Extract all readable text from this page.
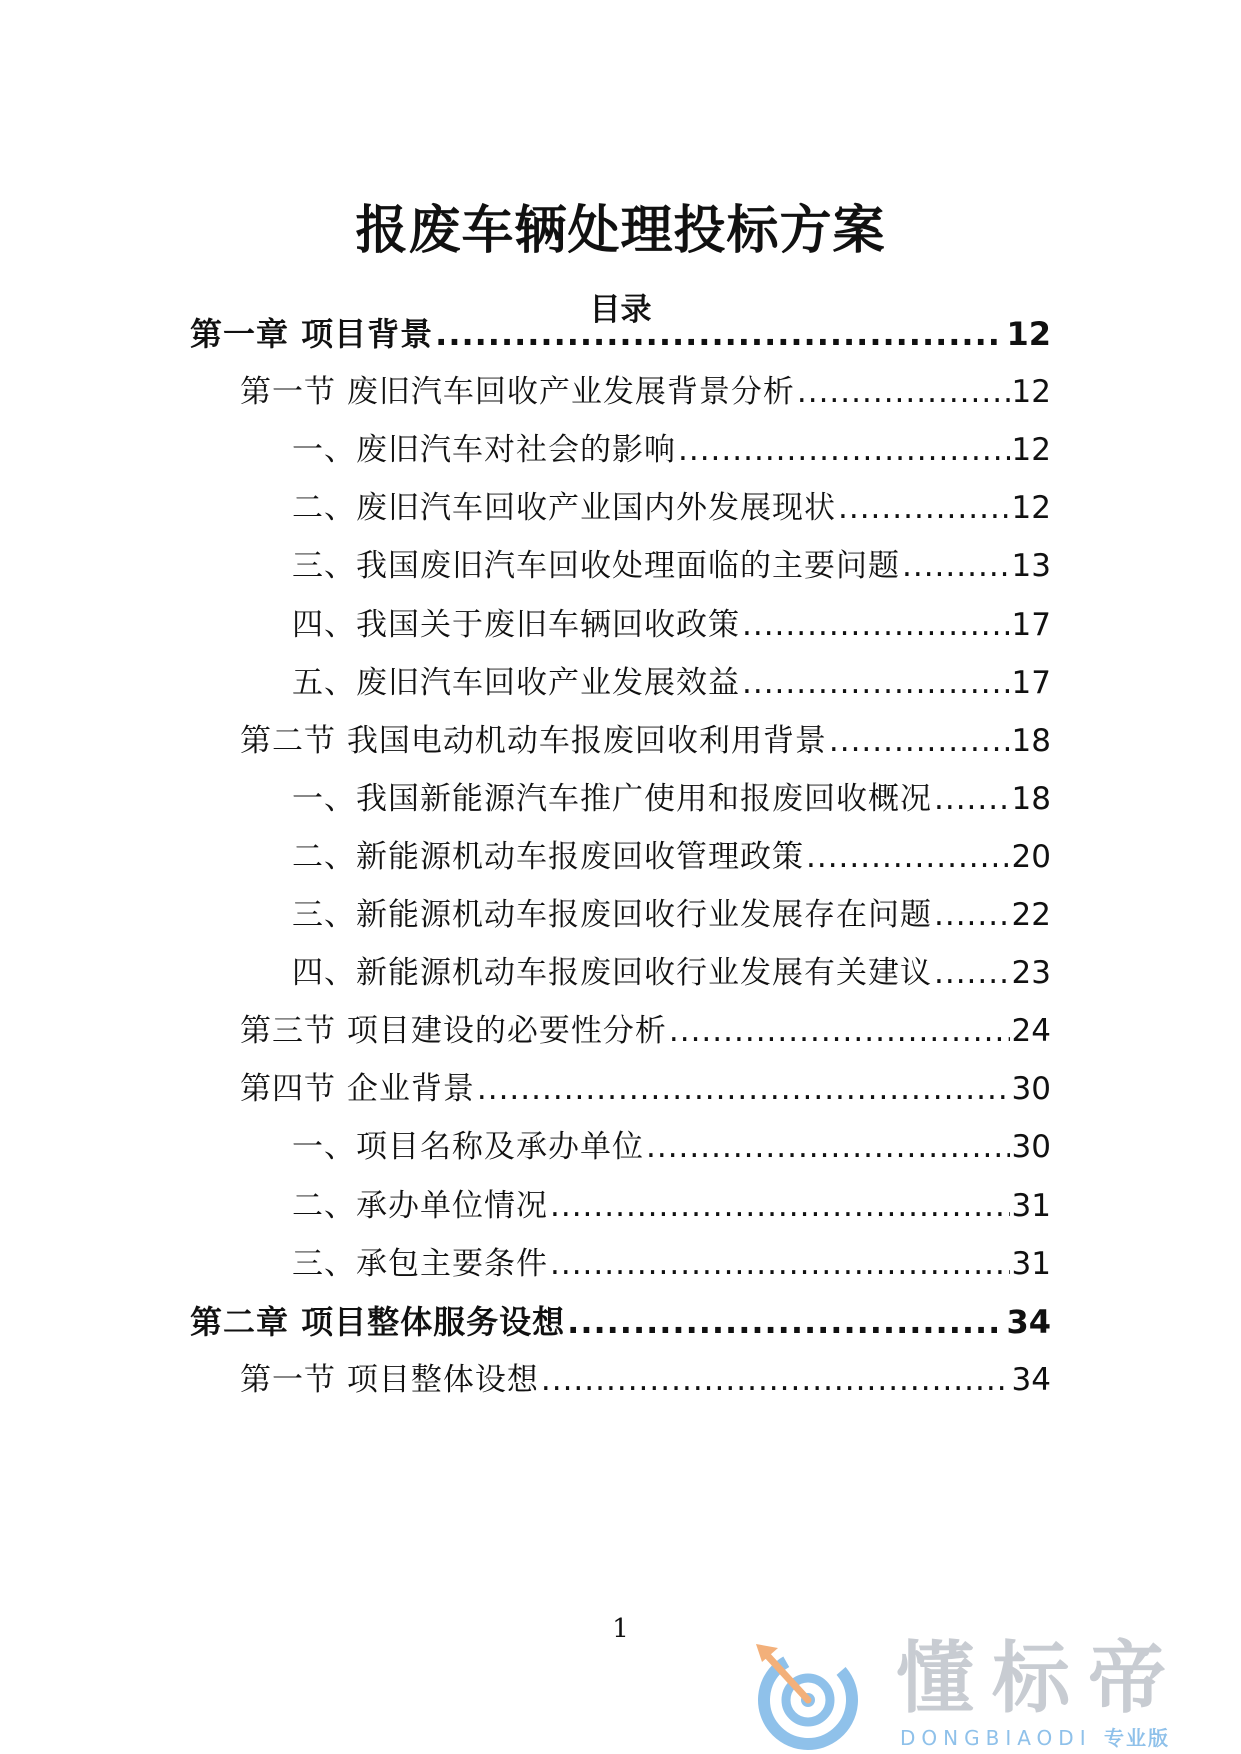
报废车辆处理投标方案
目录
第一章 项目背景 .....	12
第一节 废旧汽车回收产业发展背景分析 .....	12
一、废旧汽车对社会的影响 .....	12
二、废旧汽车回收产业国内外发展现状 .....	12
三、我国废旧汽车回收处理面临的主要问题 .....	13
四、我国关于废旧车辆回收政策 .....	17
五、废旧汽车回收产业发展效益 .....	17
第二节 我国电动机动车报废回收利用背景 .....	18
一、我国新能源汽车推广使用和报废回收概况 .....	18
二、新能源机动车报废回收管理政策 .....	20
三、新能源机动车报废回收行业发展存在问题 .....	22
四、新能源机动车报废回收行业发展有关建议 .....	23
第三节 项目建设的必要性分析 .....	24
第四节 企业背景 .....	30
一、项目名称及承办单位 .....	30
二、承办单位情况 .....	31
三、承包主要条件 .....	31
第二章 项目整体服务设想 .....	34
第一节 项目整体设想 .....	34
1
懂标帝
DONGBIAODI 专业版
